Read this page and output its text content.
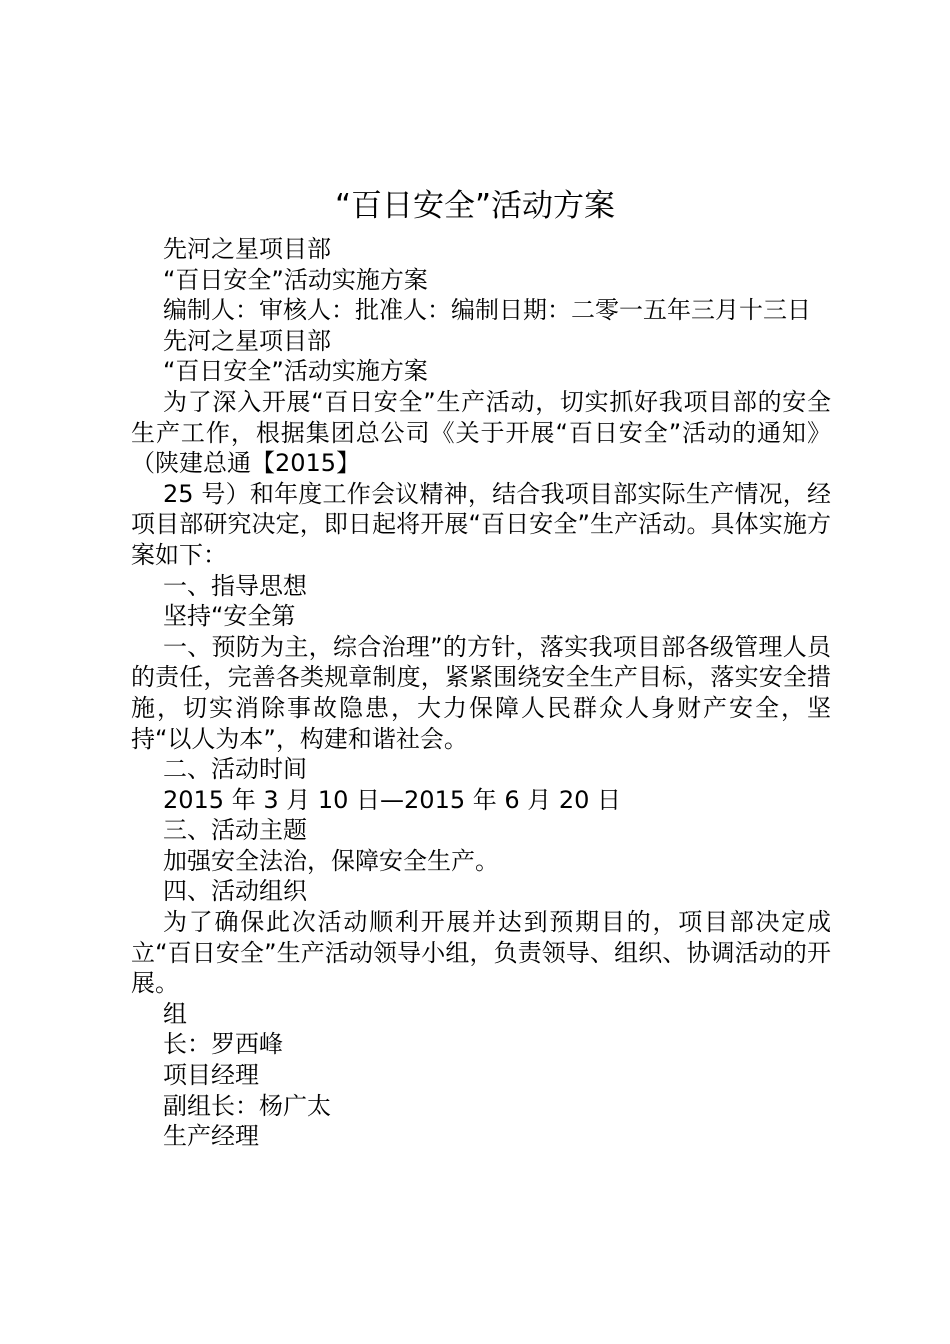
“百日安全”活动方案

先河之星项目部

“百日安全”活动实施方案

编制人：审核人：批准人：编制日期：二零一五年三月十三日

先河之星项目部

“百日安全”活动实施方案

为了深入开展“百日安全”生产活动，切实抓好我项目部的安全生产工作，根据集团总公司《关于开展“百日安全”活动的通知》（陕建总通【2015】

25 号）和年度工作会议精神，结合我项目部实际生产情况，经项目部研究决定，即日起将开展“百日安全”生产活动。具体实施方案如下：

一、指导思想

坚持“安全第

一、预防为主，综合治理”的方针，落实我项目部各级管理人员的责任，完善各类规章制度，紧紧围绕安全生产目标，落实安全措施，切实消除事故隐患，大力保障人民群众人身财产安全，坚持“以人为本”，构建和谐社会。

二、活动时间

2015 年 3 月 10 日—2015 年 6 月 20 日

三、活动主题

加强安全法治，保障安全生产。

四、活动组织

为了确保此次活动顺利开展并达到预期目的，项目部决定成立“百日安全”生产活动领导小组，负责领导、组织、协调活动的开展。

组

长：罗西峰

项目经理

副组长：杨广太

生产经理
